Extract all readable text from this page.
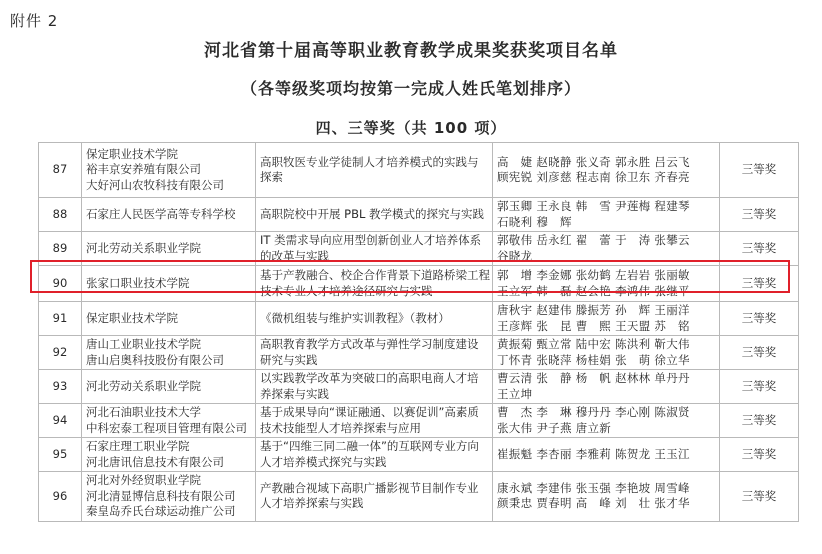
附件 2
河北省第十届高等职业教育教学成果奖获奖项目名单
（各等级奖项均按第一完成人姓氏笔划排序）
四、三等奖（共 100 项）
87	保定职业技术学院
裕丰京安养殖有限公司
大好河山农牧科技有限公司	高职牧医专业学徒制人才培养模式的实践与
探索	高　婕 赵晓静 张义奇 郭永胜 吕云飞
顾宪锐 刘彦慈 程志南 徐卫东 齐春亮	三等奖
88	石家庄人民医学高等专科学校	高职院校中开展 PBL 教学模式的探究与实践	郭玉卿 王永良 韩　雪 尹莲梅 程建琴
石晓利 穆　辉	三等奖
89	河北劳动关系职业学院	IT 类需求导向应用型创新创业人才培养体系
的改革与实践	郭敬伟 岳永红 翟　蕾 于　涛 张攀云
谷晓龙	三等奖
90	张家口职业技术学院	基于产教融合、校企合作背景下道路桥梁工程
技术专业人才培养途径研究与实践	郭　增 李金娜 张幼鹤 左岩岩 张丽敏
王立军 韩　磊 赵会艳 李鸿伟 张继平	三等奖
91	保定职业技术学院	《微机组装与维护实训教程》（教材）	唐秋宇 赵建伟 滕振芳 孙　辉 王丽洋
王彦辉 张　昆 曹　熙 王天盟 苏　铭	三等奖
92	唐山工业职业技术学院
唐山启奥科技股份有限公司	高职教育教学方式改革与弹性学习制度建设
研究与实践	黄振菊 甄立常 陆中宏 陈洪利 靳大伟
丁怀青 张晓萍 杨桂娟 张　萌 徐立华	三等奖
93	河北劳动关系职业学院	以实践教学改革为突破口的高职电商人才培
养探索与实践	曹云清 张　静 杨　帆 赵林林 单丹丹
王立坤	三等奖
94	河北石油职业技术大学
中科宏泰工程项目管理有限公司	基于成果导向“课证融通、以赛促训”高素质
技术技能型人才培养探索与应用	曹　杰 李　琳 穆丹丹 李心刚 陈淑贤
张大伟 尹子燕 唐立新	三等奖
95	石家庄理工职业学院
河北唐讯信息技术有限公司	基于“四维三同二融一体”的互联网专业方向
人才培养模式探究与实践	崔振魁 李杏丽 李雅莉 陈贺龙 王玉江	三等奖
96	河北对外经贸职业学院
河北清显博信息科技有限公司
秦皇岛乔氏台球运动推广公司	产教融合视域下高职广播影视节目制作专业
人才培养探索与实践	康永斌 李建伟 张玉强 李艳坡 周雪峰
颜秉忠 贾春明 高　峰 刘　壮 张才华	三等奖
